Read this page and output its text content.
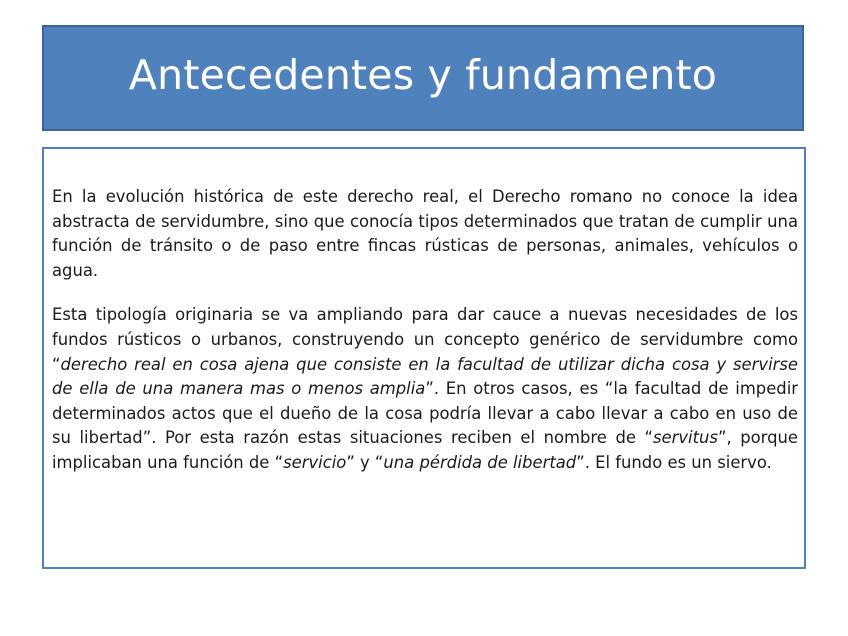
Antecedentes y fundamento

En la evolución histórica de este derecho real, el Derecho romano no conoce la idea abstracta de servidumbre, sino que conocía tipos determinados que tratan de cumplir una función de tránsito o de paso entre fincas rústicas de personas, animales, vehículos o agua.

Esta tipología originaria se va ampliando para dar cauce a nuevas necesidades de los fundos rústicos o urbanos, construyendo un concepto genérico de servidumbre como “derecho real en cosa ajena que consiste en la facultad de utilizar dicha cosa y servirse de ella de una manera mas o menos amplia”. En otros casos, es “la facultad de impedir determinados actos que el dueño de la cosa podría llevar a cabo llevar a cabo en uso de su libertad”. Por esta razón estas situaciones reciben el nombre de “servitus”, porque implicaban una función de “servicio” y “una pérdida de libertad”. El fundo es un siervo.
